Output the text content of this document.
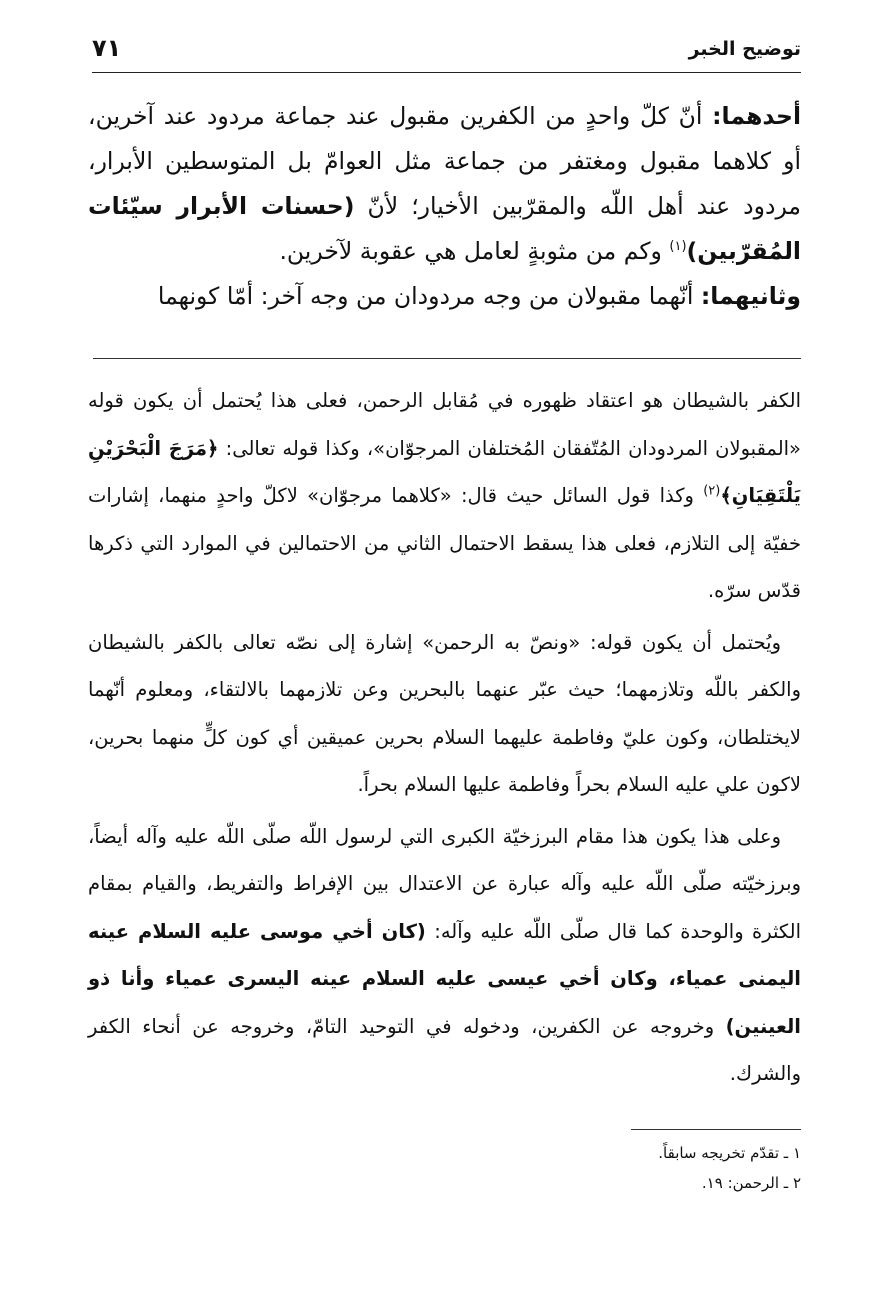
توضيح الخبر
٧١

أحدهما: أنّ كلّ واحدٍ من الكفرين مقبول عند جماعة مردود عند آخرين، أو كلاهما مقبول ومغتفر من جماعة مثل العوامّ بل المتوسطين الأبرار، مردود عند أهل اللّه والمقرّبين الأخيار؛ لأنّ (حسنات الأبرار سيّئات المُقرّبين)$^{(١)}$ وكم من مثوبةٍ لعامل هي عقوبة لآخرين.

وثانيهما: أنّهما مقبولان من وجه مردودان من وجه آخر: أمّا كونهما

الكفر بالشيطان هو اعتقاد ظهوره في مُقابل الرحمن، فعلى هذا يُحتمل أن يكون قوله «المقبولان المردودان المُتّفقان المُختلفان المرجوّان»، وكذا قوله تعالى: ﴿مَرَجَ الْبَحْرَيْنِ يَلْتَقِيَانِ﴾$^{(٢)}$ وكذا قول السائل حيث قال: «كلاهما مرجوّان» لاكلّ واحدٍ منهما، إشارات خفيّة إلى التلازم، فعلى هذا يسقط الاحتمال الثاني من الاحتمالين في الموارد التي ذكرها قدّس سرّه.

ويُحتمل أن يكون قوله: «ونصّ به الرحمن» إشارة إلى نصّه تعالى بالكفر بالشيطان والكفر باللّه وتلازمهما؛ حيث عبّر عنهما بالبحرين وعن تلازمهما بالالتقاء، ومعلوم أنّهما لايختلطان، وكون عليّ وفاطمة عليهما السلام بحرين عميقين أي كون كلٍّ منهما بحرين، لاكون علي عليه السلام بحراً وفاطمة عليها السلام بحراً.

وعلى هذا يكون هذا مقام البرزخيّة الكبرى التي لرسول اللّه صلّى اللّه عليه وآله أيضاً، وبرزخيّته صلّى اللّه عليه وآله عبارة عن الاعتدال بين الإفراط والتفريط، والقيام بمقام الكثرة والوحدة كما قال صلّى اللّه عليه وآله: (كان أخي موسى عليه السلام عينه اليمنى عمياء، وكان أخي عيسى عليه السلام عينه اليسرى عمياء وأنا ذو العينين) وخروجه عن الكفرين، ودخوله في التوحيد التامّ، وخروجه عن أنحاء الكفر والشرك.

١ ـ تقدّم تخريجه سابقاً.
٢ ـ الرحمن: ١٩.
